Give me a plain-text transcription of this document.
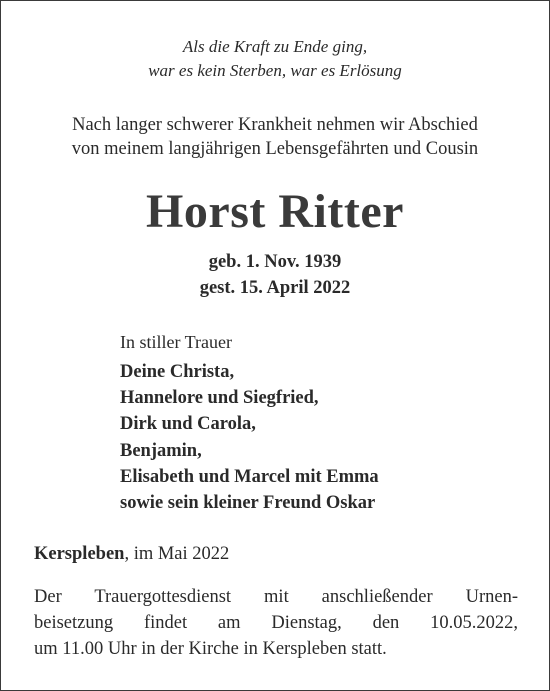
Als die Kraft zu Ende ging,
war es kein Sterben, war es Erlösung
Nach langer schwerer Krankheit nehmen wir Abschied
von meinem langjährigen Lebensgefährten und Cousin
Horst Ritter
geb. 1. Nov. 1939
gest. 15. April 2022
In stiller Trauer
Deine Christa,
Hannelore und Siegfried,
Dirk und Carola,
Benjamin,
Elisabeth und Marcel mit Emma
sowie sein kleiner Freund Oskar
Kerspleben, im Mai 2022
Der Trauergottesdienst mit anschließender Urnen-
beisetzung findet am Dienstag, den 10.05.2022,
um 11.00 Uhr in der Kirche in Kerspleben statt.
